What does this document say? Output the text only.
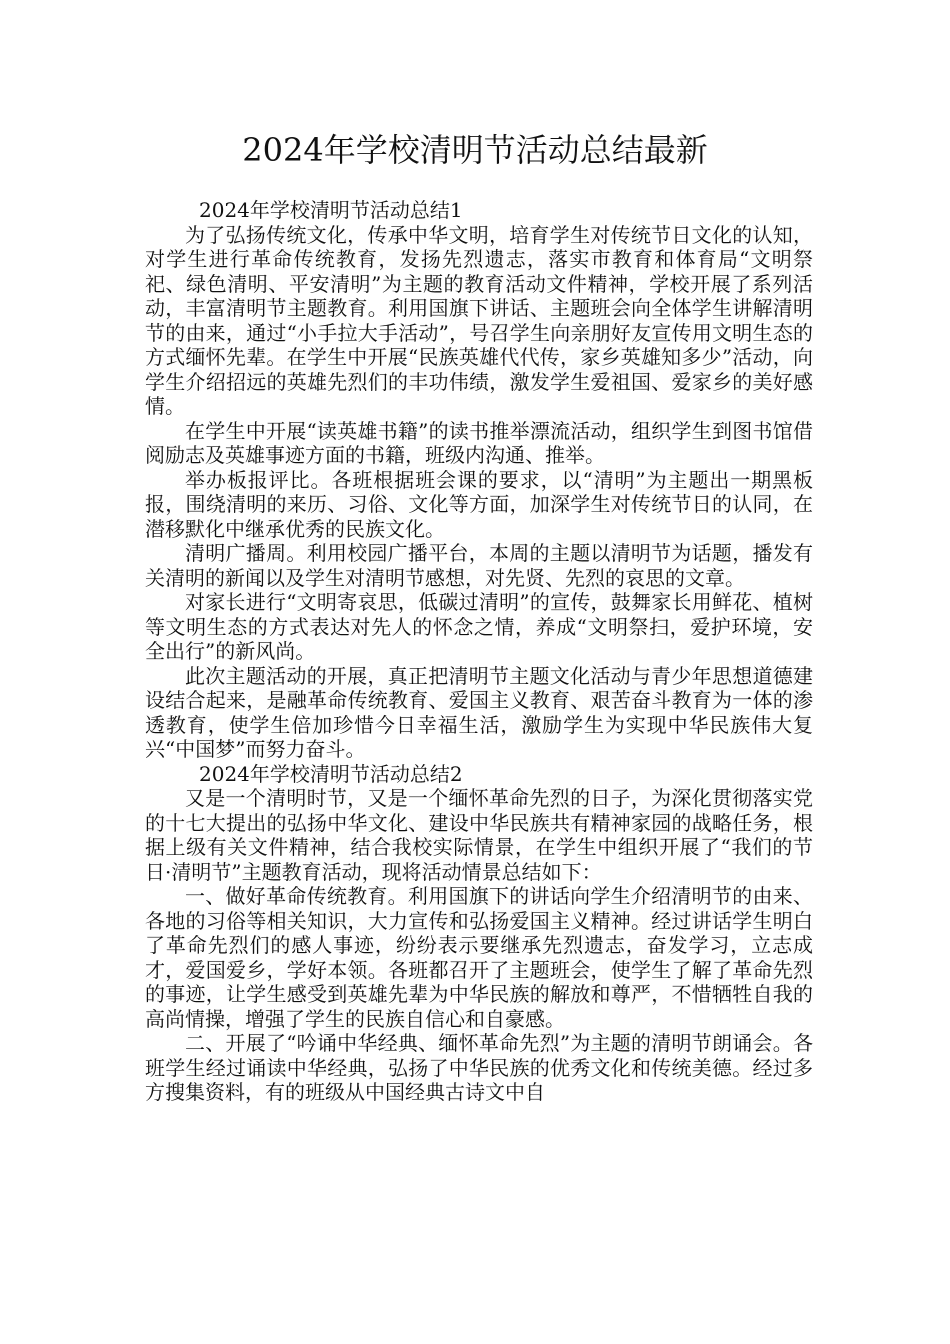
2024年学校清明节活动总结最新

2024年学校清明节活动总结1

为了弘扬传统文化，传承中华文明，培育学生对传统节日文化的认知，对学生进行革命传统教育，发扬先烈遗志，落实市教育和体育局“文明祭祀、绿色清明、平安清明”为主题的教育活动文件精神，学校开展了系列活动，丰富清明节主题教育。利用国旗下讲话、主题班会向全体学生讲解清明节的由来，通过“小手拉大手活动”，号召学生向亲朋好友宣传用文明生态的方式缅怀先辈。在学生中开展“民族英雄代代传，家乡英雄知多少”活动，向学生介绍招远的英雄先烈们的丰功伟绩，激发学生爱祖国、爱家乡的美好感情。

在学生中开展“读英雄书籍”的读书推举漂流活动，组织学生到图书馆借阅励志及英雄事迹方面的书籍，班级内沟通、推举。

举办板报评比。各班根据班会课的要求，以“清明”为主题出一期黑板报，围绕清明的来历、习俗、文化等方面，加深学生对传统节日的认同，在潜移默化中继承优秀的民族文化。

清明广播周。利用校园广播平台，本周的主题以清明节为话题，播发有关清明的新闻以及学生对清明节感想，对先贤、先烈的哀思的文章。

对家长进行“文明寄哀思，低碳过清明”的宣传，鼓舞家长用鲜花、植树等文明生态的方式表达对先人的怀念之情，养成“文明祭扫，爱护环境，安全出行”的新风尚。

此次主题活动的开展，真正把清明节主题文化活动与青少年思想道德建设结合起来，是融革命传统教育、爱国主义教育、艰苦奋斗教育为一体的渗透教育，使学生倍加珍惜今日幸福生活，激励学生为实现中华民族伟大复兴“中国梦”而努力奋斗。

2024年学校清明节活动总结2

又是一个清明时节，又是一个缅怀革命先烈的日子，为深化贯彻落实党的十七大提出的弘扬中华文化、建设中华民族共有精神家园的战略任务，根据上级有关文件精神，结合我校实际情景，在学生中组织开展了“我们的节日·清明节”主题教育活动，现将活动情景总结如下：

一、做好革命传统教育。利用国旗下的讲话向学生介绍清明节的由来、各地的习俗等相关知识，大力宣传和弘扬爱国主义精神。经过讲话学生明白了革命先烈们的感人事迹，纷纷表示要继承先烈遗志，奋发学习，立志成才，爱国爱乡，学好本领。各班都召开了主题班会，使学生了解了革命先烈的事迹，让学生感受到英雄先辈为中华民族的解放和尊严，不惜牺牲自我的高尚情操，增强了学生的民族自信心和自豪感。

二、开展了“吟诵中华经典、缅怀革命先烈”为主题的清明节朗诵会。各班学生经过诵读中华经典，弘扬了中华民族的优秀文化和传统美德。经过多方搜集资料，有的班级从中国经典古诗文中自
